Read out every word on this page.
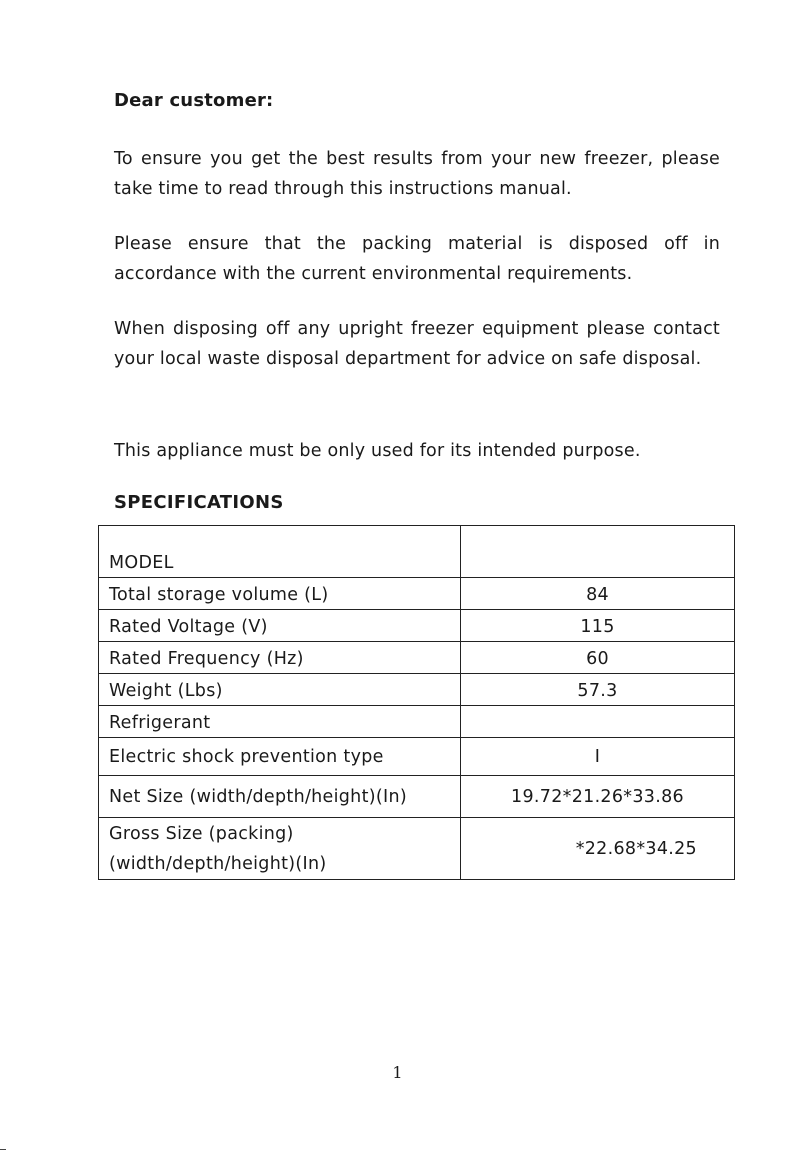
Dear customer:

To ensure you get the best results from your new freezer, please take time to read through this instructions manual.

Please ensure that the packing material is disposed off in accordance with the current environmental requirements.

When disposing off any upright freezer equipment please contact your local waste disposal department for advice on safe disposal.

This appliance must be only used for its intended purpose.

SPECIFICATIONS

MODEL	
Total storage volume (L)	84
Rated Voltage (V)	115
Rated Frequency (Hz)	60
Weight (Lbs)	57.3
Refrigerant	
Electric shock prevention type	I
Net Size (width/depth/height)(In)	19.72*21.26*33.86

Gross Size (packing)
(width/depth/height)(In)	*22.68*34.25

1
